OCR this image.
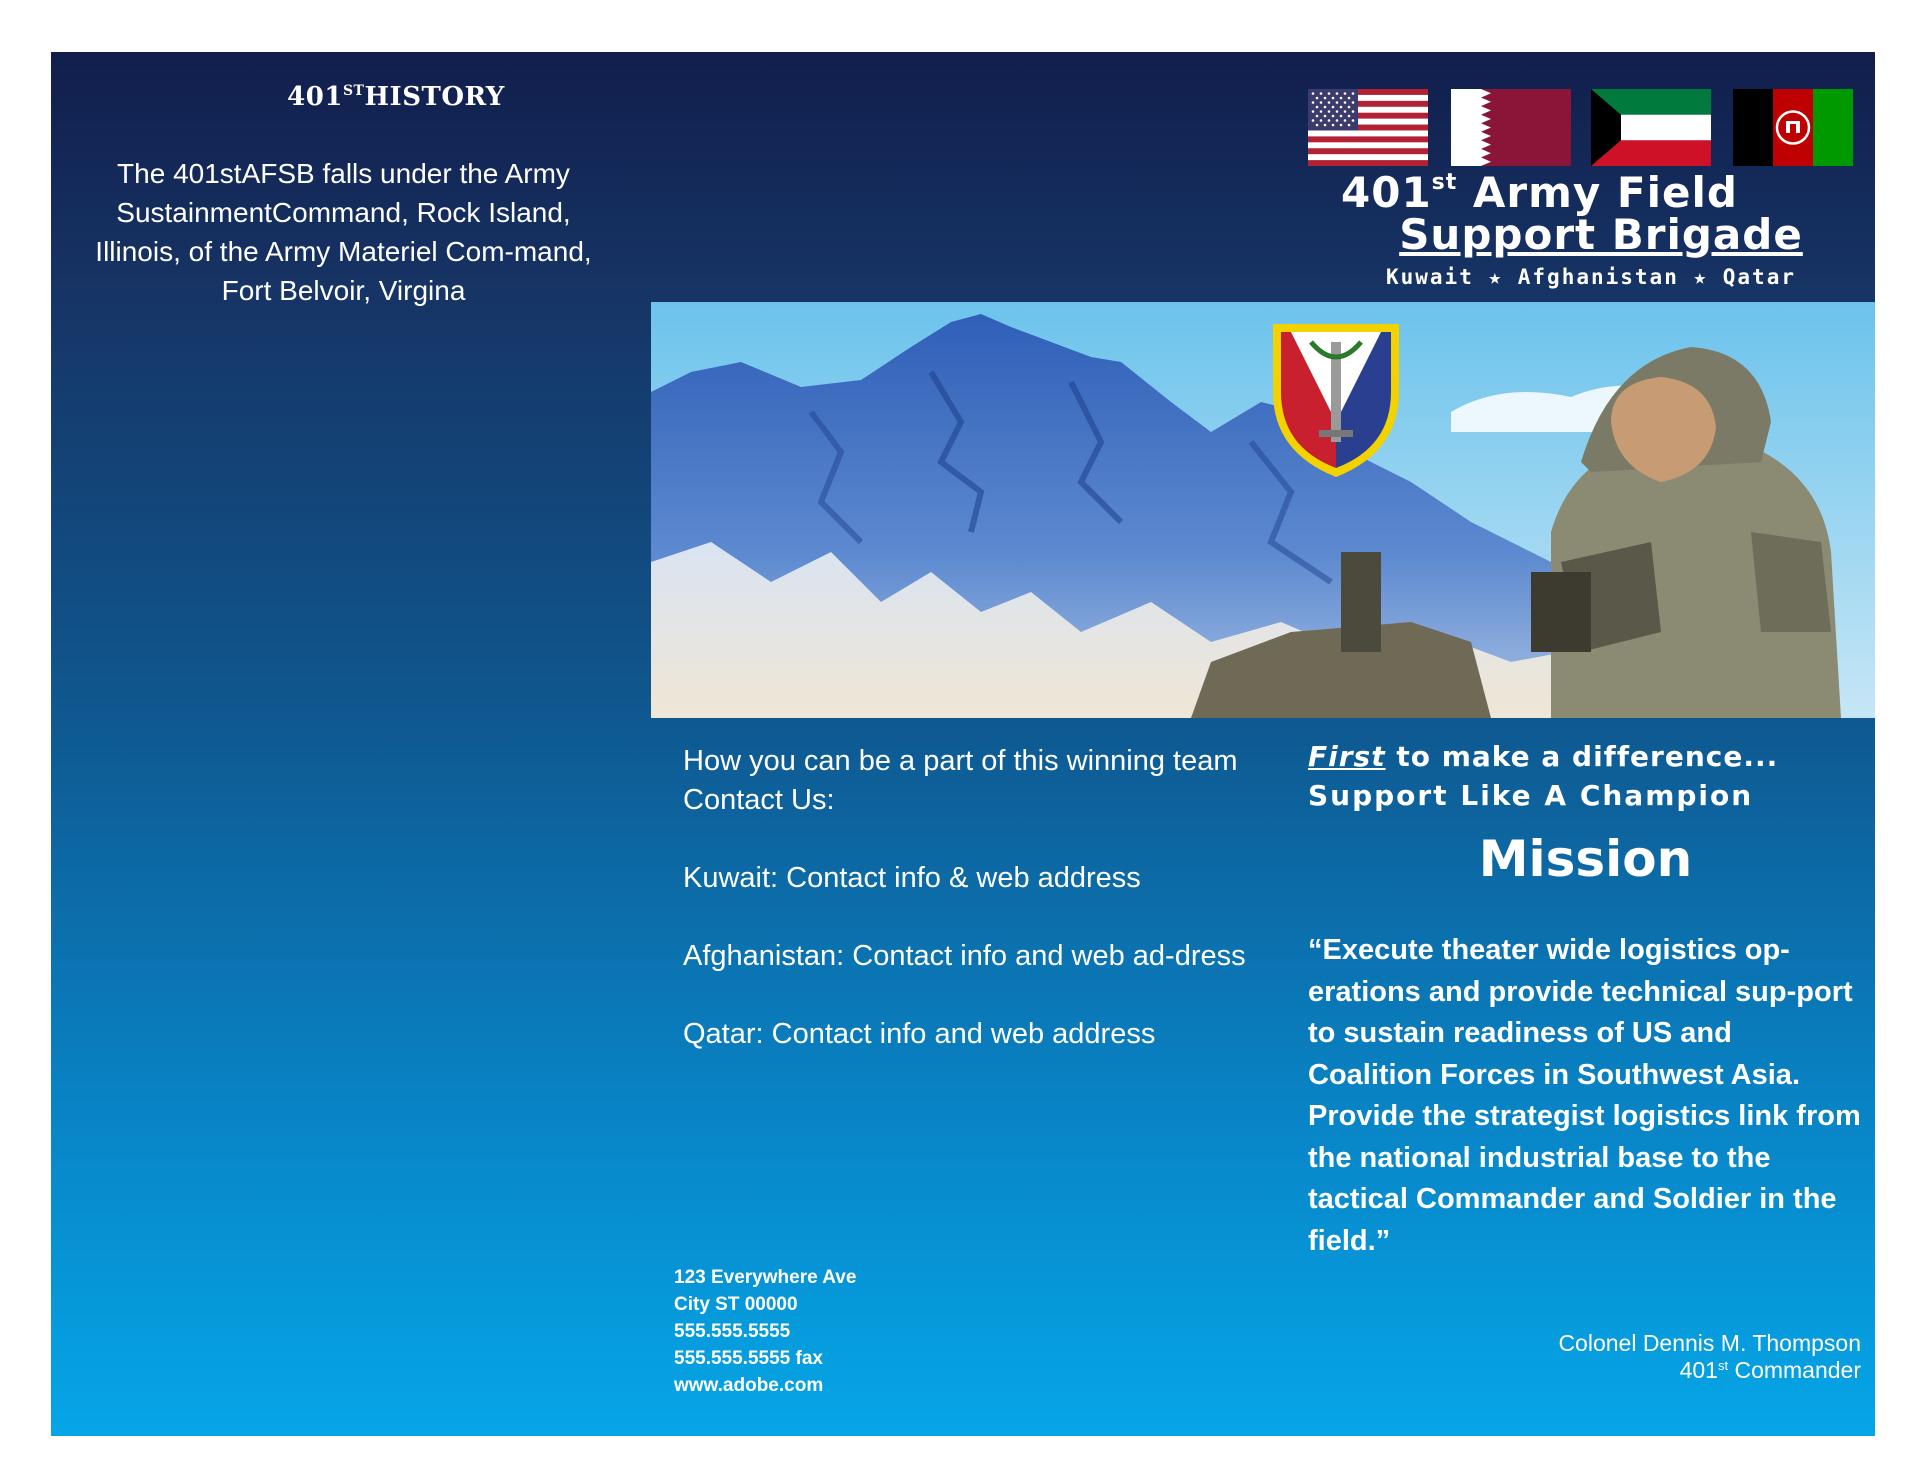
401STHISTORY
The 401stAFSB falls under the Army SustainmentCommand, Rock Island, Illinois, of the Army Materiel Com-mand, Fort Belvoir, Virgina
401st Army Field
Support Brigade
Kuwait ★ Afghanistan ★ Qatar

How you can be a part of this winning team

Contact Us:

Kuwait: Contact info & web address

Afghanistan: Contact info and web ad-dress

Qatar: Contact info and web address

123 Everywhere Ave
City ST 00000
555.555.5555
555.555.5555 fax
www.adobe.com
First to make a difference...
Support Like A Champion
Mission
“Execute theater wide logistics op-erations and provide technical sup-port to sustain readiness of US and Coalition Forces in Southwest Asia. Provide the strategist logistics link from the national industrial base to the tactical Commander and Soldier in the field.”
Colonel Dennis M. Thompson
401st Commander
